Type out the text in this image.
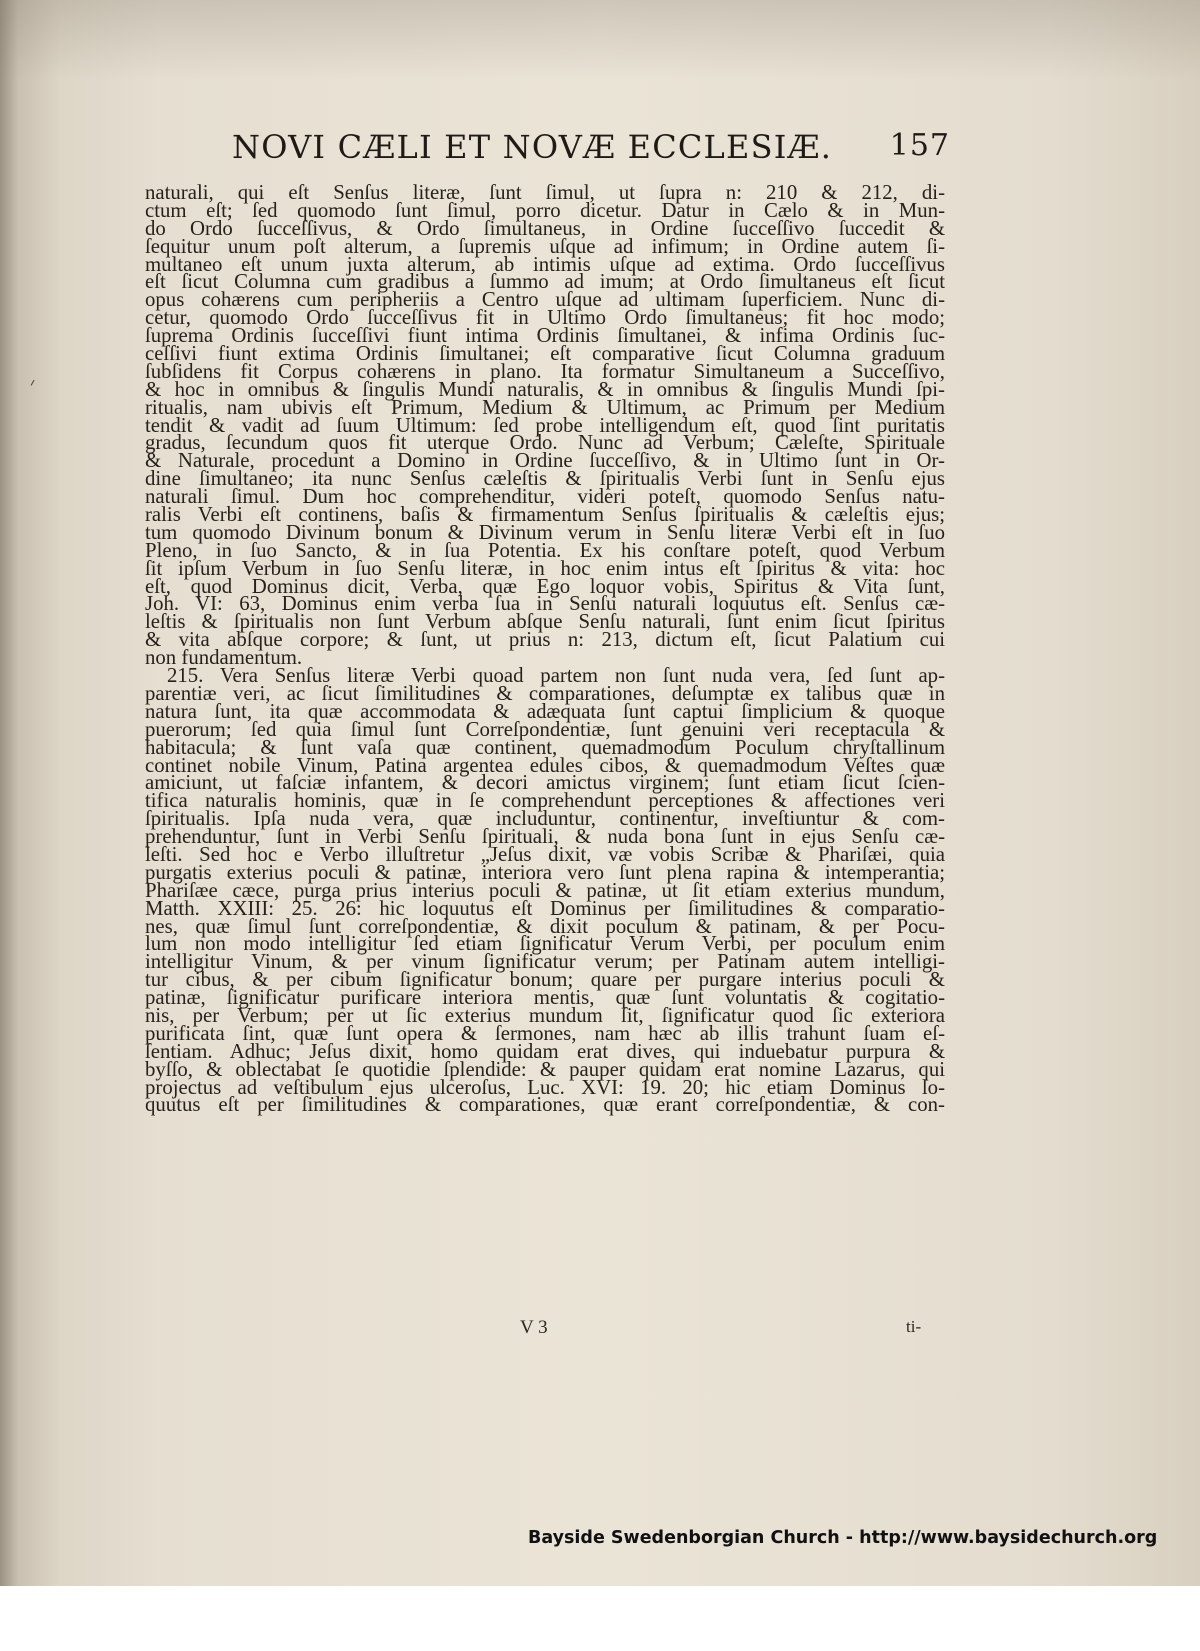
NOVI CÆLI ET NOVÆ ECCLESIÆ. 157
naturali, qui eſt Senſus literæ, ſunt ſimul, ut ſupra n: 210 & 212, di-
ctum eſt; ſed quomodo ſunt ſimul, porro dicetur. Datur in Cælo & in Mun-
do Ordo ſucceſſivus, & Ordo ſimultaneus, in Ordine ſucceſſivo ſuccedit &
ſequitur unum poſt alterum, a ſupremis uſque ad infimum; in Ordine autem ſi-
multaneo eſt unum juxta alterum, ab intimis uſque ad extima. Ordo ſucceſſivus
eſt ſicut Columna cum gradibus a ſummo ad imum; at Ordo ſimultaneus eſt ſicut
opus cohærens cum peripheriis a Centro uſque ad ultimam ſuperficiem. Nunc di-
cetur, quomodo Ordo ſucceſſivus fit in Ultimo Ordo ſimultaneus; fit hoc modo;
ſuprema Ordinis ſucceſſivi fiunt intima Ordinis ſimultanei, & infima Ordinis ſuc-
ceſſivi fiunt extima Ordinis ſimultanei; eſt comparative ſicut Columna graduum
ſubſidens fit Corpus cohærens in plano. Ita formatur Simultaneum a Succeſſivo,
& hoc in omnibus & ſingulis Mundi naturalis, & in omnibus & ſingulis Mundi ſpi-
ritualis, nam ubivis eſt Primum, Medium & Ultimum, ac Primum per Medium
tendit & vadit ad ſuum Ultimum: ſed probe intelligendum eſt, quod ſint puritatis
gradus, ſecundum quos fit uterque Ordo. Nunc ad Verbum; Cæleſte, Spirituale
& Naturale, procedunt a Domino in Ordine ſucceſſivo, & in Ultimo ſunt in Or-
dine ſimultaneo; ita nunc Senſus cæleſtis & ſpiritualis Verbi ſunt in Senſu ejus
naturali ſimul. Dum hoc comprehenditur, videri poteſt, quomodo Senſus natu-
ralis Verbi eſt continens, baſis & firmamentum Senſus ſpiritualis & cæleſtis ejus;
tum quomodo Divinum bonum & Divinum verum in Senſu literæ Verbi eſt in ſuo
Pleno, in ſuo Sancto, & in ſua Potentia. Ex his conſtare poteſt, quod Verbum
ſit ipſum Verbum in ſuo Senſu literæ, in hoc enim intus eſt ſpiritus & vita: hoc
eſt, quod Dominus dicit, Verba, quæ Ego loquor vobis, Spiritus & Vita ſunt,
Joh. VI: 63, Dominus enim verba ſua in Senſu naturali loquutus eſt. Senſus cæ-
leſtis & ſpiritualis non ſunt Verbum abſque Senſu naturali, ſunt enim ſicut ſpiritus
& vita abſque corpore; & ſunt, ut prius n: 213, dictum eſt, ſicut Palatium cui
non fundamentum.
215. Vera Senſus literæ Verbi quoad partem non ſunt nuda vera, ſed ſunt ap-
parentiæ veri, ac ſicut ſimilitudines & comparationes, deſumptæ ex talibus quæ in
natura ſunt, ita quæ accommodata & adæquata ſunt captui ſimplicium & quoque
puerorum; ſed quia ſimul ſunt Correſpondentiæ, ſunt genuini veri receptacula &
habitacula; & ſunt vaſa quæ continent, quemadmodum Poculum chryſtallinum
continet nobile Vinum, Patina argentea edules cibos, & quemadmodum Veſtes quæ
amiciunt, ut faſciæ infantem, & decori amictus virginem; ſunt etiam ſicut ſcien-
tifica naturalis hominis, quæ in ſe comprehendunt perceptiones & affectiones veri
ſpiritualis. Ipſa nuda vera, quæ includuntur, continentur, inveſtiuntur & com-
prehenduntur, ſunt in Verbi Senſu ſpirituali, & nuda bona ſunt in ejus Senſu cæ-
leſti. Sed hoc e Verbo illuſtretur „Jeſus dixit, væ vobis Scribæ & Phariſæi, quia
purgatis exterius poculi & patinæ, interiora vero ſunt plena rapina & intemperantia;
Phariſæe cæce, purga prius interius poculi & patinæ, ut ſit etiam exterius mundum,
Matth. XXIII: 25. 26: hic loquutus eſt Dominus per ſimilitudines & comparatio-
nes, quæ ſimul ſunt correſpondentiæ, & dixit poculum & patinam, & per Pocu-
lum non modo intelligitur ſed etiam ſignificatur Verum Verbi, per poculum enim
intelligitur Vinum, & per vinum ſignificatur verum; per Patinam autem intelligi-
tur cibus, & per cibum ſignificatur bonum; quare per purgare interius poculi &
patinæ, ſignificatur purificare interiora mentis, quæ ſunt voluntatis & cogitatio-
nis, per Verbum; per ut ſic exterius mundum ſit, ſignificatur quod ſic exteriora
purificata ſint, quæ ſunt opera & ſermones, nam hæc ab illis trahunt ſuam eſ-
ſentiam. Adhuc; Jeſus dixit, homo quidam erat dives, qui induebatur purpura &
byſſo, & oblectabat ſe quotidie ſplendide: & pauper quidam erat nomine Lazarus, qui
projectus ad veſtibulum ejus ulceroſus, Luc. XVI: 19. 20; hic etiam Dominus lo-
quutus eſt per ſimilitudines & comparationes, quæ erant correſpondentiæ, & con-
V 3	ti-
Bayside Swedenborgian Church - http://www.baysidechurch.org
